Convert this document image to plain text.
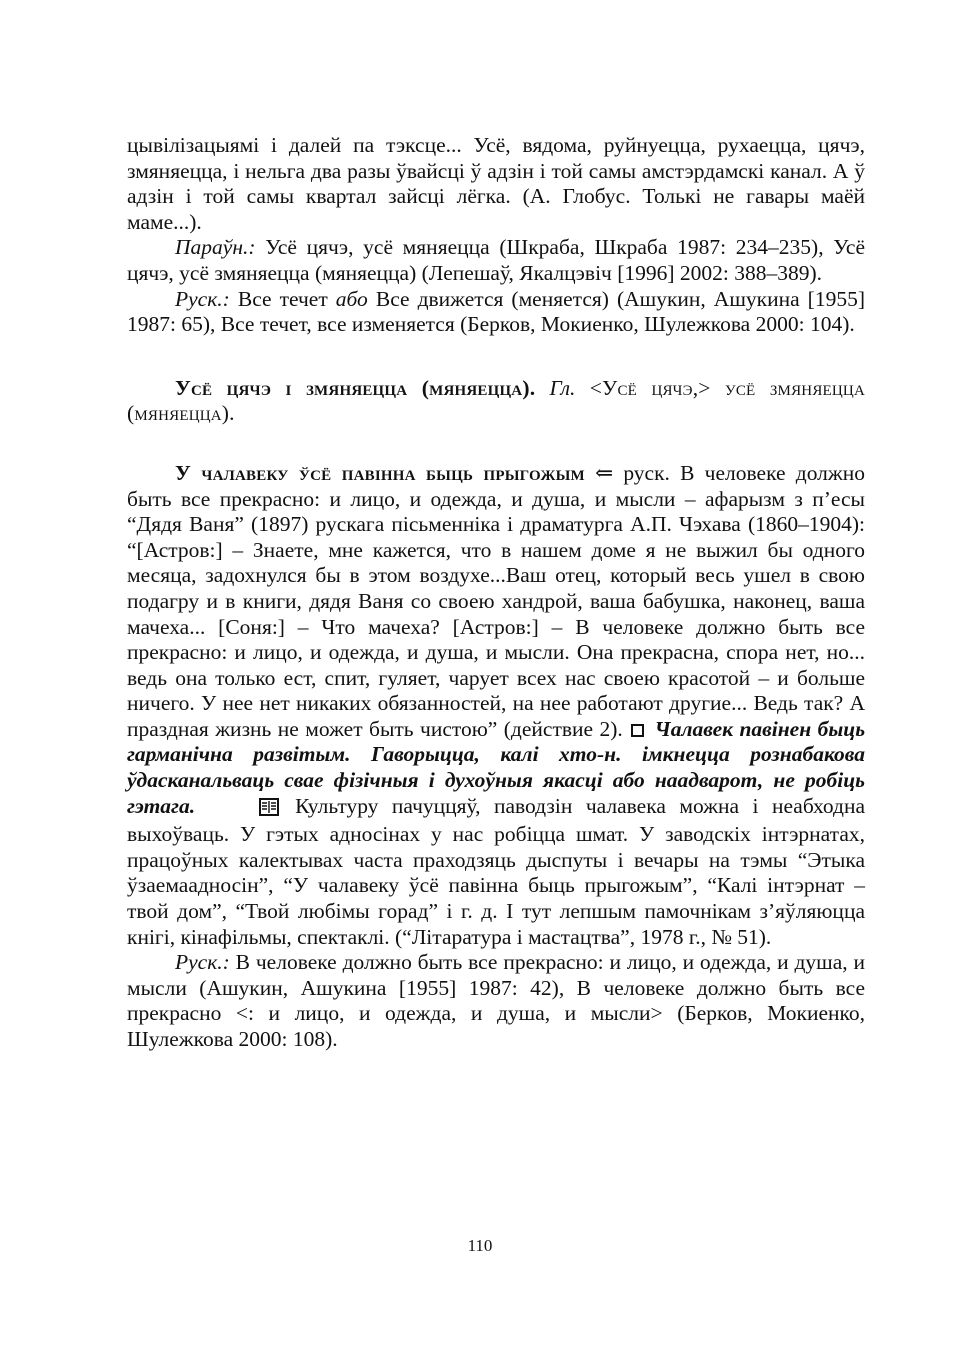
цывілізацыямі і далей па тэксце... Усё, вядома, руйнуецца, рухаецца, цячэ, змяняецца, і нельга два разы ўвайсці ў адзін і той самы амстэрдамскі канал. А ў адзін і той самы квартал зайсці лёгка. (А. Глобус. Толькі не гавары маёй маме...).

Параўн.: Усё цячэ, усё мяняецца (Шкраба, Шкраба 1987: 234–235), Усё цячэ, усё змяняецца (мяняецца) (Лепешаў, Якалцэвіч [1996] 2002: 388–389).

Руск.: Все течет або Все движется (меняется) (Ашукин, Ашукина [1955] 1987: 65), Все течет, все изменяется (Берков, Мокиенко, Шулежкова 2000: 104).

Усё цячэ і змяняецца (мяняецца). Гл. <Усё цячэ,> усё змяняецца (мяняецца).

У чалавеку ўсё павінна быць прыгожым ⇐ руск. В человеке должно быть все прекрасно: и лицо, и одежда, и душа, и мысли – афарызм з п’есы “Дядя Ваня” (1897) рускага пісьменніка і драматурга А.П. Чэхава (1860–1904): “[Астров:] – Знаете, мне кажется, что в нашем доме я не выжил бы одного месяца, задохнулся бы в этом воздухе...Ваш отец, который весь ушел в свою подагру и в книги, дядя Ваня со своею хандрой, ваша бабушка, наконец, ваша мачеха... [Соня:] – Что мачеха? [Астров:] – В человеке должно быть все прекрасно: и лицо, и одежда, и душа, и мысли. Она прекрасна, спора нет, но... ведь она только ест, спит, гуляет, чарует всех нас своею красотой – и больше ничего. У нее нет никаких обязанностей, на нее работают другие... Ведь так? А праздная жизнь не может быть чистою” (действие 2).  Чалавек павінен быць гарманічна развітым. Гаворыцца, калі хто-н. імкнецца рознабакова ўдасканальваць свае фізічныя і духоўныя якасці або наадварот, не робіць гэтага.	Культуру пачуццяў, паводзін чалавека можна і неабходна выхоўваць. У гэтых адносінах у нас робіцца шмат. У заводскіх інтэрнатах, працоўных калектывах часта праходзяць дыспуты і вечары на тэмы “Этыка ўзаемаадносін”, “У чалавеку ўсё павінна быць прыгожым”, “Калі інтэрнат – твой дом”, “Твой любімы горад” і г. д. І тут лепшым памочнікам з’яўляюцца кнігі, кінафільмы, спектаклі. (“Літаратура і мастацтва”, 1978 г., № 51).

Руск.: В человеке должно быть все прекрасно: и лицо, и одежда, и душа, и мысли (Ашукин, Ашукина [1955] 1987: 42), В человеке должно быть все прекрасно <: и лицо, и одежда, и душа, и мысли> (Берков, Мокиенко, Шулежкова 2000: 108).

110
